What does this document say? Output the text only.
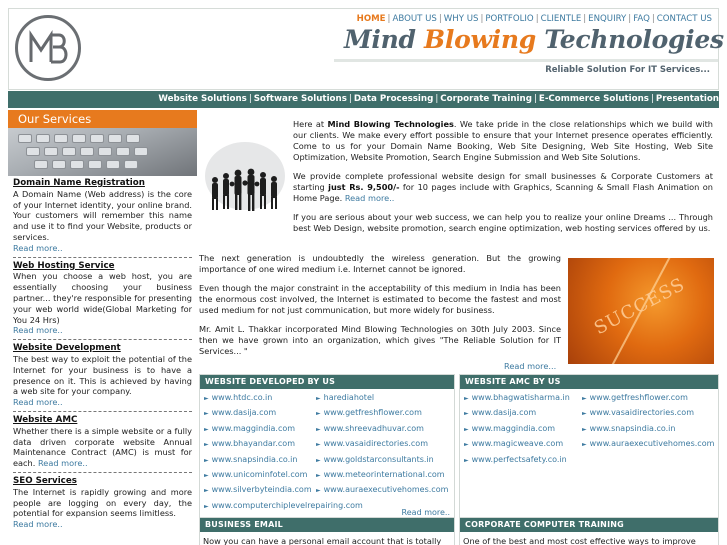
HOME | ABOUT US | WHY US | PORTFOLIO | CLIENTLE | ENQUIRY | FAQ | CONTACT US
Mind Blowing Technologies
Reliable Solution For IT Services...
Website Solutions | Software Solutions | Data Processing | Corporate Training | E-Commerce Solutions | Presentation
Our Services
Domain Name Registration
A Domain Name (Web address) is the core of your Internet identity, your online brand. Your customers will remember this name and use it to find your Website, products or services.
Read more..
Web Hosting Service
When you choose a web host, you are essentially choosing your business partner... they're responsible for presenting your web world wide(Global Marketing for You 24 Hrs)
Read more..
Website Development
The best way to exploit the potential of the Internet for your business is to have a presence on it. This is achieved by having a web site for your company.
Read more..
Website AMC
Whether there is a simple website or a fully data driven corporate website Annual Maintenance Contract (AMC) is must for each. Read more..
SEO Services
The Internet is rapidly growing and more people are logging on every day, the potential for expansion seems limitless.
Read more..

Here at Mind Blowing Technologies. We take pride in the close relationships which we build with our clients. We make every effort possible to ensure that your Internet presence operates efficiently. Come to us for your Domain Name Booking, Web Site Designing, Web Site Hosting, Web Site Optimization, Website Promotion, Search Engine Submission and Web Site Solutions.

We provide complete professional website design for small businesses & Corporate Customers at starting just Rs. 9,500/- for 10 pages include with Graphics, Scanning & Small Flash Animation on Home Page. Read more..

If you are serious about your web success, we can help you to realize your online Dreams ... Through best Web Design, website promotion, search engine optimization, web hosting services offered by us.

The next generation is undoubtedly the wireless generation. But the growing importance of one wired medium i.e. Internet cannot be ignored.

Even though the major constraint in the acceptability of this medium in India has been the enormous cost involved, the Internet is estimated to become the fastest and most used medium for not just communication, but more widely for business.

Mr. Amit L. Thakkar incorporated Mind Blowing Technologies on 30th July 2003. Since then we have grown into an organization, which gives "The Reliable Solution for IT Services... "

SUCCESS
Read more...
WEBSITE DEVELOPED BY US
► www.htdc.co.in
► www.dasija.com
► www.maggindia.com
► www.bhayandar.com
► www.snapsindia.co.in
► www.unicominfotel.com
► www.silverbyteindia.com
► www.computerchiplevelrepairing.com
► harediahotel
► www.getfreshflower.com
► www.shreevadhuvar.com
► www.vasaidirectories.com
► www.goldstarconsultants.in
► www.meteorinternational.com
► www.auraexecutivehomes.com
Read more..
WEBSITE AMC BY US
► www.bhagwatisharma.in
► www.dasija.com
► www.maggindia.com
► www.magicweave.com
► www.perfectsafety.co.in
► www.getfreshflower.com
► www.vasaidirectories.com
► www.snapsindia.co.in
► www.auraexecutivehomes.com
BUSINESS EMAIL
Now you can have a personal email account that is totally
CORPORATE COMPUTER TRAINING
One of the best and most cost effective ways to improve
